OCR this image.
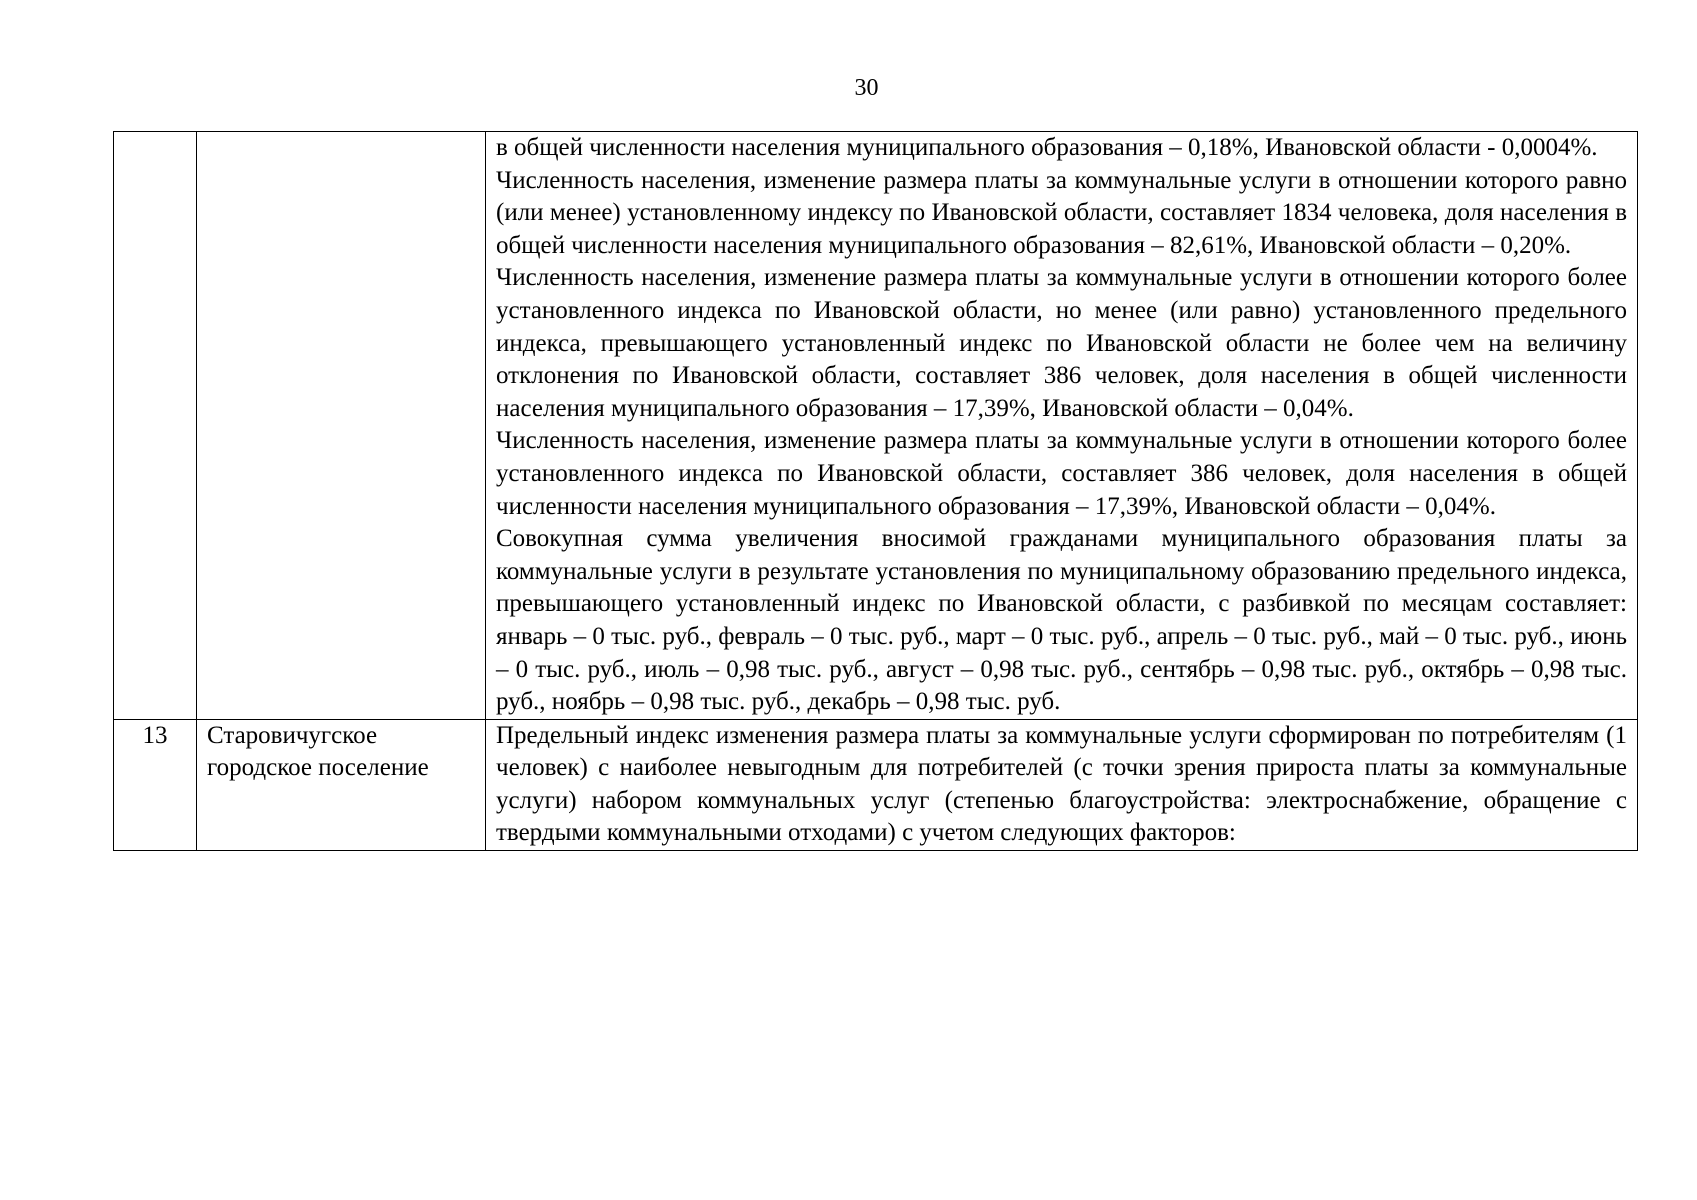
30

		в общей численности населения муниципального образования – 0,18%, Ивановской области - 0,0004%.

Численность населения, изменение размера платы за коммунальные услуги в отношении которого равно (или менее) установленному индексу по Ивановской области, составляет 1834 человека, доля населения в общей численности населения муниципального образования – 82,61%, Ивановской области – 0,20%.

Численность населения, изменение размера платы за коммунальные услуги в отношении которого более установленного индекса по Ивановской области, но менее (или равно) установленного предельного индекса, превышающего установленный индекс по Ивановской области не более чем на величину отклонения по Ивановской области, составляет 386 человек, доля населения в общей численности населения муниципального образования – 17,39%, Ивановской области – 0,04%.

Численность населения, изменение размера платы за коммунальные услуги в отношении которого более установленного индекса по Ивановской области, составляет 386 человек, доля населения в общей численности населения муниципального образования – 17,39%, Ивановской области – 0,04%.

Совокупная сумма увеличения вносимой гражданами муниципального образования платы за коммунальные услуги в результате установления по муниципальному образованию предельного индекса, превышающего установленный индекс по Ивановской области, с разбивкой по месяцам составляет: январь – 0 тыс. руб., февраль – 0 тыс. руб., март – 0 тыс. руб., апрель – 0 тыс. руб., май – 0 тыс. руб., июнь – 0 тыс. руб., июль – 0,98 тыс. руб., август – 0,98 тыс. руб., сентябрь – 0,98 тыс. руб., октябрь – 0,98 тыс. руб., ноябрь – 0,98 тыс. руб., декабрь – 0,98 тыс. руб.

13	Старовичугское городское поселение	Предельный индекс изменения размера платы за коммунальные услуги сформирован по потребителям (1 человек) с наиболее невыгодным для потребителей (с точки зрения прироста платы за коммунальные услуги) набором коммунальных услуг (степенью благоустройства: электроснабжение, обращение с твердыми коммунальными отходами) с учетом следующих факторов:
